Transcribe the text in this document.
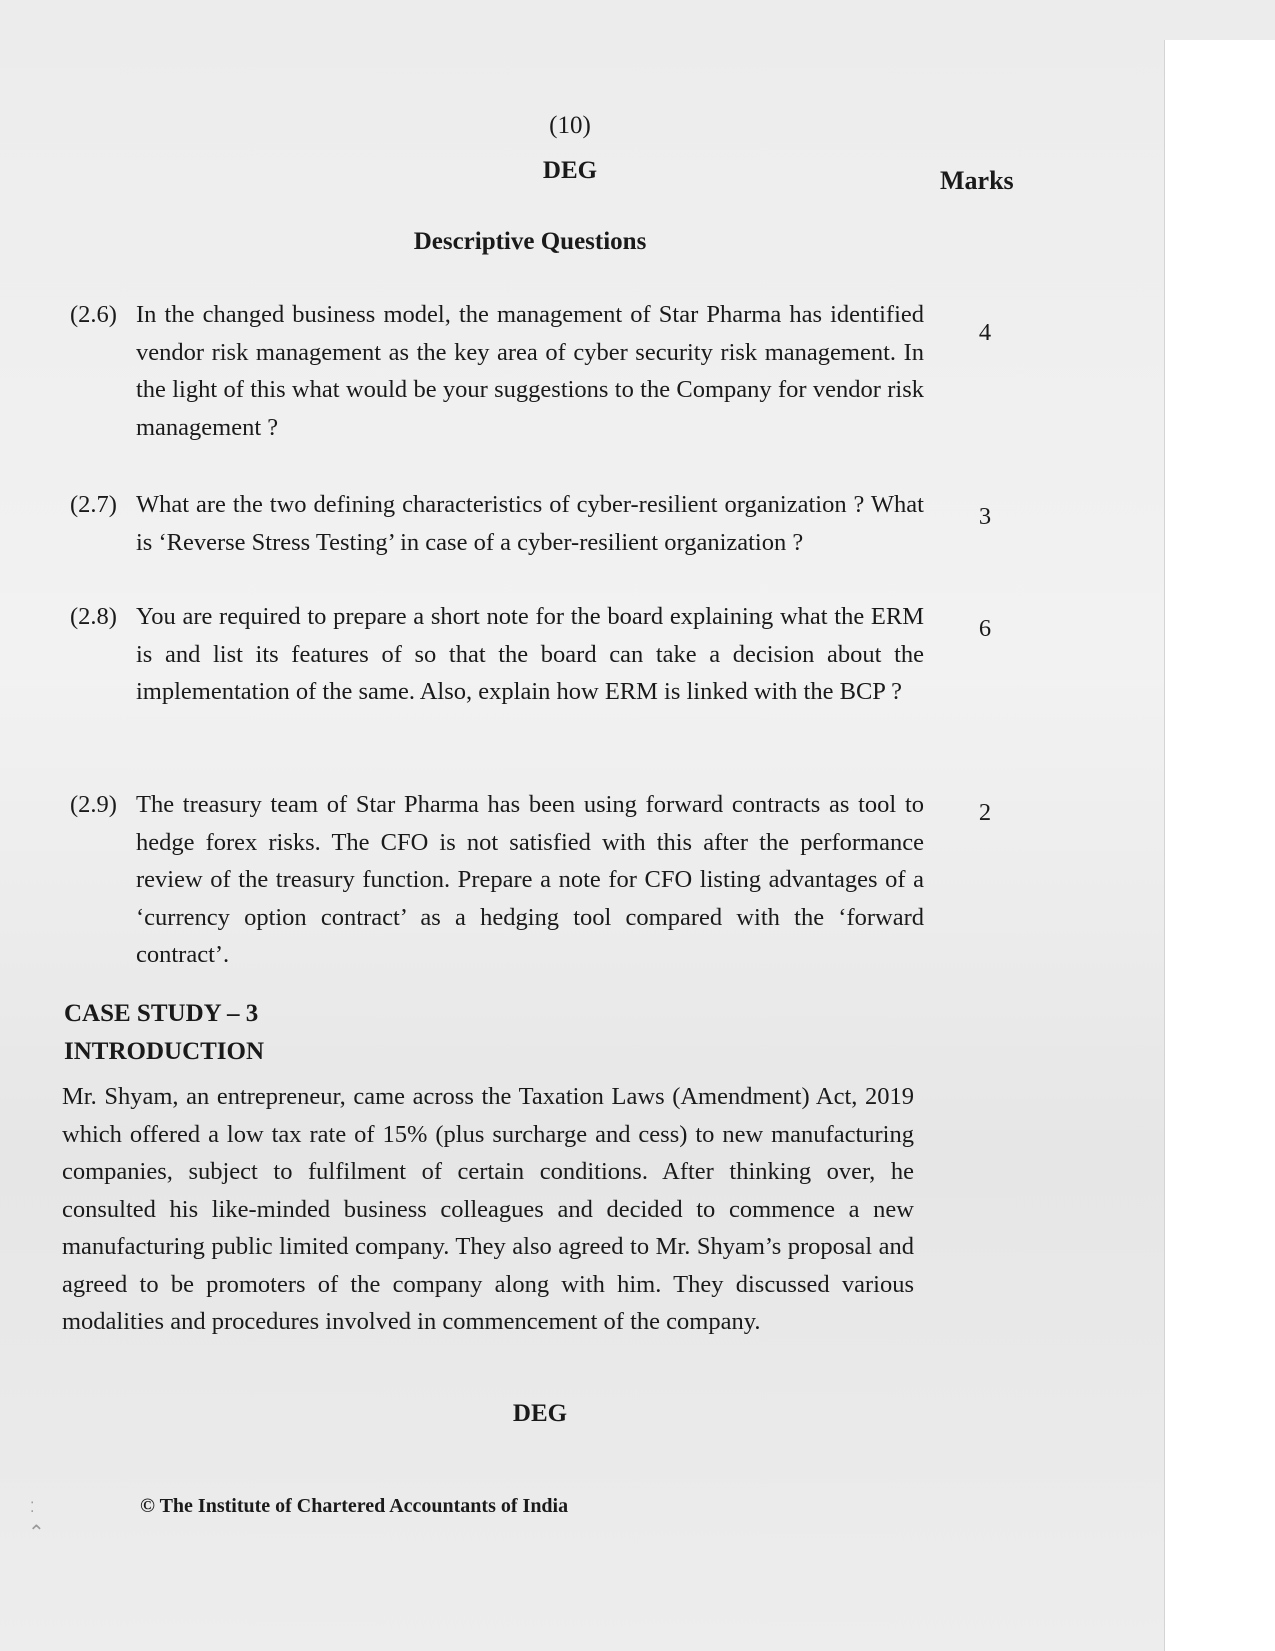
(10)
DEG	Marks
Descriptive Questions
(2.6) In the changed business model, the management of Star Pharma has identified vendor risk management as the key area of cyber security risk management. In the light of this what would be your suggestions to the Company for vendor risk management ?
4
(2.7) What are the two defining characteristics of cyber-resilient organization ? What is ‘Reverse Stress Testing’ in case of a cyber-resilient organization ?
3
(2.8) You are required to prepare a short note for the board explaining what the ERM is and list its features of so that the board can take a decision about the implementation of the same. Also, explain how ERM is linked with the BCP ?
6
(2.9) The treasury team of Star Pharma has been using forward contracts as tool to hedge forex risks. The CFO is not satisfied with this after the performance review of the treasury function. Prepare a note for CFO listing advantages of a ‘currency option contract’ as a hedging tool compared with the ‘forward contract’.
2
CASE STUDY – 3
INTRODUCTION
Mr. Shyam, an entrepreneur, came across the Taxation Laws (Amendment) Act, 2019 which offered a low tax rate of 15% (plus surcharge and cess) to new manufacturing companies, subject to fulfilment of certain conditions. After thinking over, he consulted his like-minded business colleagues and decided to commence a new manufacturing public limited company. They also agreed to Mr. Shyam’s proposal and agreed to be promoters of the company along with him. They discussed various modalities and procedures involved in commencement of the company.
DEG
© The Institute of Chartered Accountants of India
⁚
⌃
